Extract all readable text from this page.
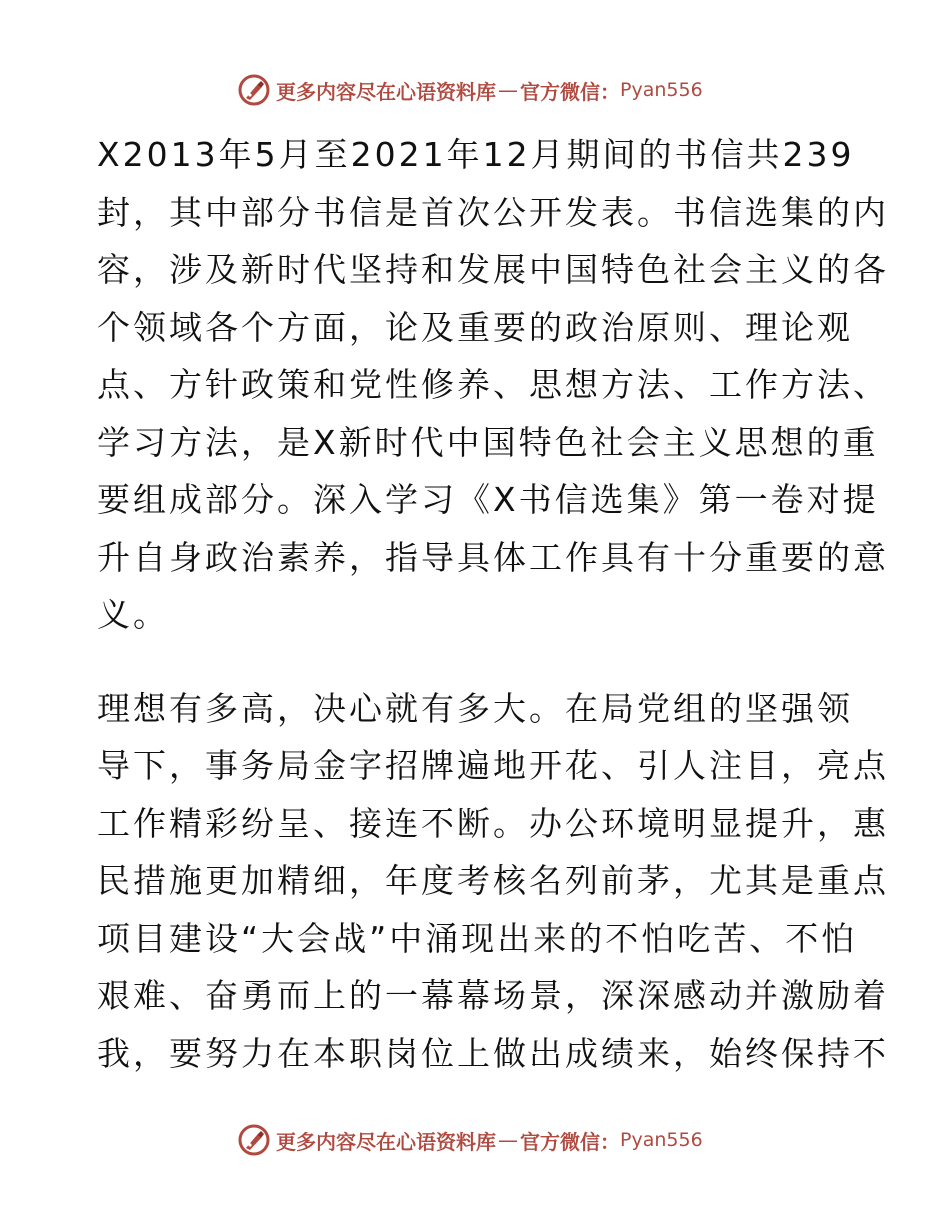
更多内容尽在心语资料库 — 官方微信： Pyan556
X2013年5月至2021年12月期间的书信共239
封，其中部分书信是首次公开发表。书信选集的内
容，涉及新时代坚持和发展中国特色社会主义的各
个领域各个方面，论及重要的政治原则、理论观
点、方针政策和党性修养、思想方法、工作方法、
学习方法，是X新时代中国特色社会主义思想的重
要组成部分。深入学习《X书信选集》第一卷对提
升自身政治素养，指导具体工作具有十分重要的意
义。
理想有多高，决心就有多大。在局党组的坚强领
导下，事务局金字招牌遍地开花、引人注目，亮点
工作精彩纷呈、接连不断。办公环境明显提升，惠
民措施更加精细，年度考核名列前茅，尤其是重点
项目建设“大会战”中涌现出来的不怕吃苦、不怕
艰难、奋勇而上的一幕幕场景，深深感动并激励着
我，要努力在本职岗位上做出成绩来，始终保持不
更多内容尽在心语资料库 — 官方微信： Pyan556
